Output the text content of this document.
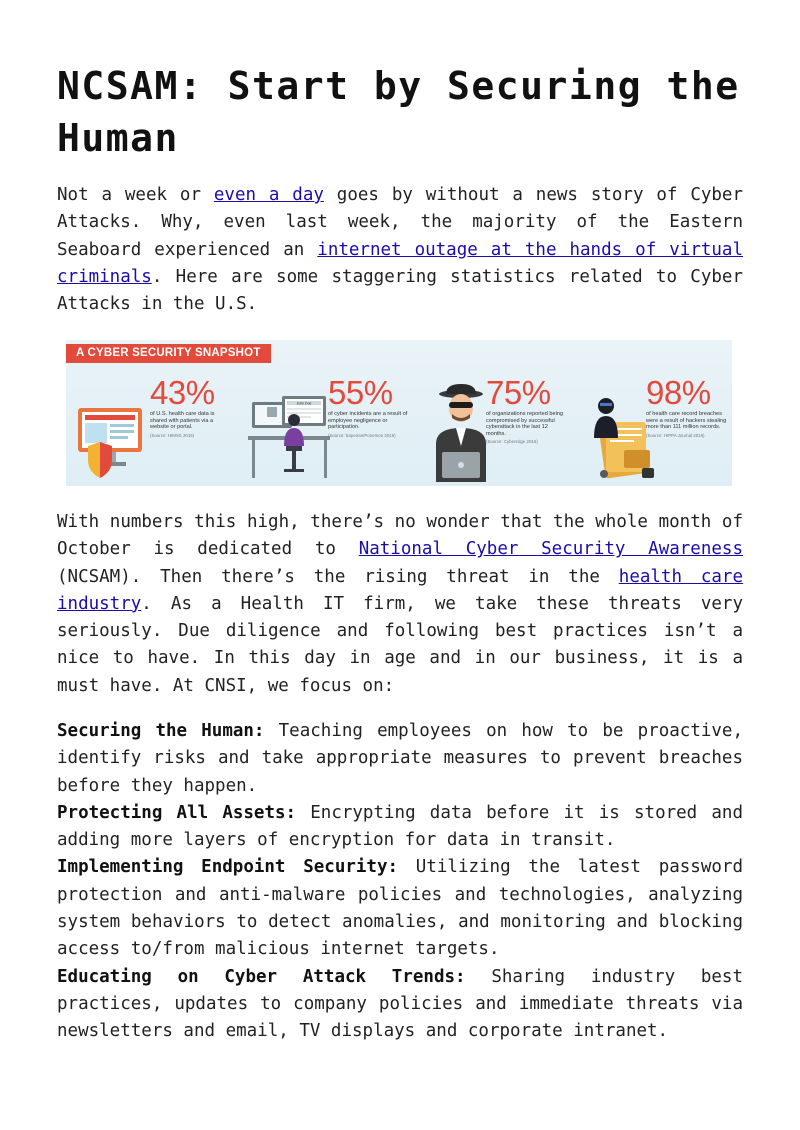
NCSAM: Start by Securing the Human

Not a week or even a day goes by without a news story of Cyber Attacks. Why, even last week, the majority of the Eastern Seaboard experienced an internet outage at the hands of virtual criminals. Here are some staggering statistics related to Cyber Attacks in the U.S.

A CYBER SECURITY SNAPSHOT
43%
of U.S. health care data is shared with patients via a website or portal.
(Source: HIMSS 2015)
John Doe 55%
of cyber incidents are a result of employee negligence or participation.
(Source: Experian/Ponemon 2016)
75%
of organizations reported being compromised by successful cyberattack in the last 12 months.
(Source: Cyberedge 2016)
98%
of health care record breaches were a result of hackers stealing more than 111 million records.
(Source: HIPPA Journal 2016)

With numbers this high, there’s no wonder that the whole month of October is dedicated to National Cyber Security Awareness (NCSAM). Then there’s the rising threat in the health care industry. As a Health IT firm, we take these threats very seriously. Due diligence and following best practices isn’t a nice to have. In this day in age and in our business, it is a must have. At CNSI, we focus on:

Securing the Human: Teaching employees on how to be proactive, identify risks and take appropriate measures to prevent breaches before they happen.
Protecting All Assets: Encrypting data before it is stored and adding more layers of encryption for data in transit.
Implementing Endpoint Security: Utilizing the latest password protection and anti-malware policies and technologies, analyzing system behaviors to detect anomalies, and monitoring and blocking access to/from malicious internet targets.
Educating on Cyber Attack Trends: Sharing industry best practices, updates to company policies and immediate threats via newsletters and email, TV displays and corporate intranet.
